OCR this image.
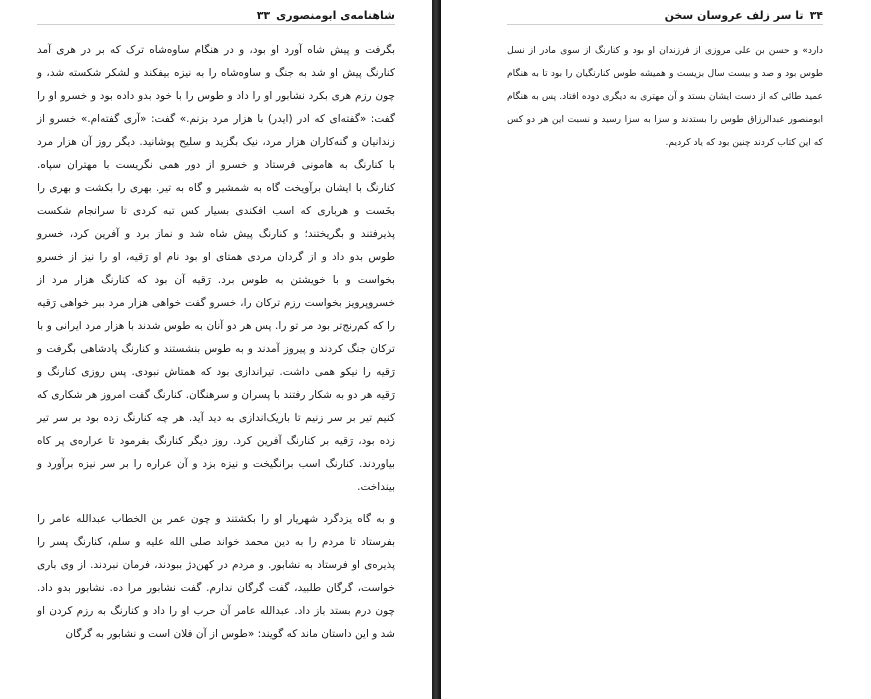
شاهنامه‌ی ابومنصوری
۳۳

بگرفت و پیش شاه آورد او بود، و در هنگام ساوه‌شاه ترک که بر در هری آمد
کنارنگ پیش او شد به جنگ و ساوه‌شاه را به نیزه بیفکند و لشکر شکسته شد، و
چون رزم هری بکرد نشابور او را داد و طوس را با خود بدو داده بود و خسرو او را
گفت: «گفته‌ای که ادر (ایدر) با هزار مرد بزنم.» گفت: «آری گفته‌ام.» خسرو از
زندانیان و گنه‌کاران هزار مرد، نیک بگزید و سلیح پوشانید. دیگر روز آن هزار مرد
با کنارنگ به هامونی فرستاد و خسرو از دور همی نگریست با مهتران سپاه.
کنارنگ با ایشان برآویخت گاه به شمشیر و گاه به تیر. بهری را بکشت و بهری را
بخَست و هرباری که اسب افکندی بسیار کس تبه کردی تا سرانجام شکست
پذیرفتند و بگریختند؛ و کنارنگ پیش شاه شد و نماز برد و آفرین کرد، خسرو
طوس بدو داد و از گردان مردی همتای او بود نام او رَقیه، او را نیز از خسرو
بخواست و با خویشتن به طوس برد. رَقیه آن بود که کنارنگ هزار مرد از
خسروپرویز بخواست رزم ترکان را، خسرو گفت خواهی هزار مرد ببر خواهی رَقیه
را که کم‌رنج‌تر بود مر تو را. پس هر دو آنان به طوس شدند با هزار مرد ایرانی و با
ترکان جنگ کردند و پیروز آمدند و به طوس بنشستند و کنارنگ پادشاهی بگرفت و
رَقیه را نیکو همی داشت. تیراندازی بود که همتاش نبودی. پس روزی کنارنگ و
رَقیه هر دو به شکار رفتند با پسران و سرهنگان. کنارنگ گفت امروز هر شکاری که
کنیم تیر بر سر زنیم تا باریک‌اندازی به دید آید. هر چه کنارنگ زده بود بر سر تیر
زده بود، رَقیه بر کنارنگ آفرین کرد. روز دیگر کنارنگ بفرمود تا عراره‌ی پر کاه
بیاوردند. کنارنگ اسب برانگیخت و نیزه بزد و آن عراره را بر سر نیزه برآورد و
بینداخت.

و به گاه یزدگرد شهریار او را بکشتند و چون عمر بن الخطاب عبدالله عامر را
بفرستاد تا مردم را به دین محمد خواند صلی الله علیه و سلم، کنارنگ پسر را
پذیره‌ی او فرستاد به نشابور. و مردم در کهن‌دژ ببودند، فرمان نبردند. از وی باری
خواست، گرگان طلبید، گفت گرگان ندارم. گفت نشابور مرا ده. نشابور بدو داد.
چون درم بستد باز داد. عبدالله عامر آن حرب او را داد و کنارنگ به رزم کردن او
شد و این داستان ماند که گویند: «طوس از آن فلان است و نشابور به گرگان

۳۴
تا سر زلف عروسان سخن

دارد» و حسن بن علی مروزی از فرزندان او بود و کنارنگ از سوی مادر از نسل
طوس بود و صد و بیست سال بزیست و همیشه طوس کنارنگیان را بود تا به هنگام
عمید طائی که از دست ایشان بستد و آن مهتری به دیگری دوده افتاد. پس به هنگام
ابومنصور عبدالرزاق طوس را بستدند و سزا به سزا رسید و نسبت این هر دو کس
که این کتاب کردند چنین بود که یاد کردیم.
